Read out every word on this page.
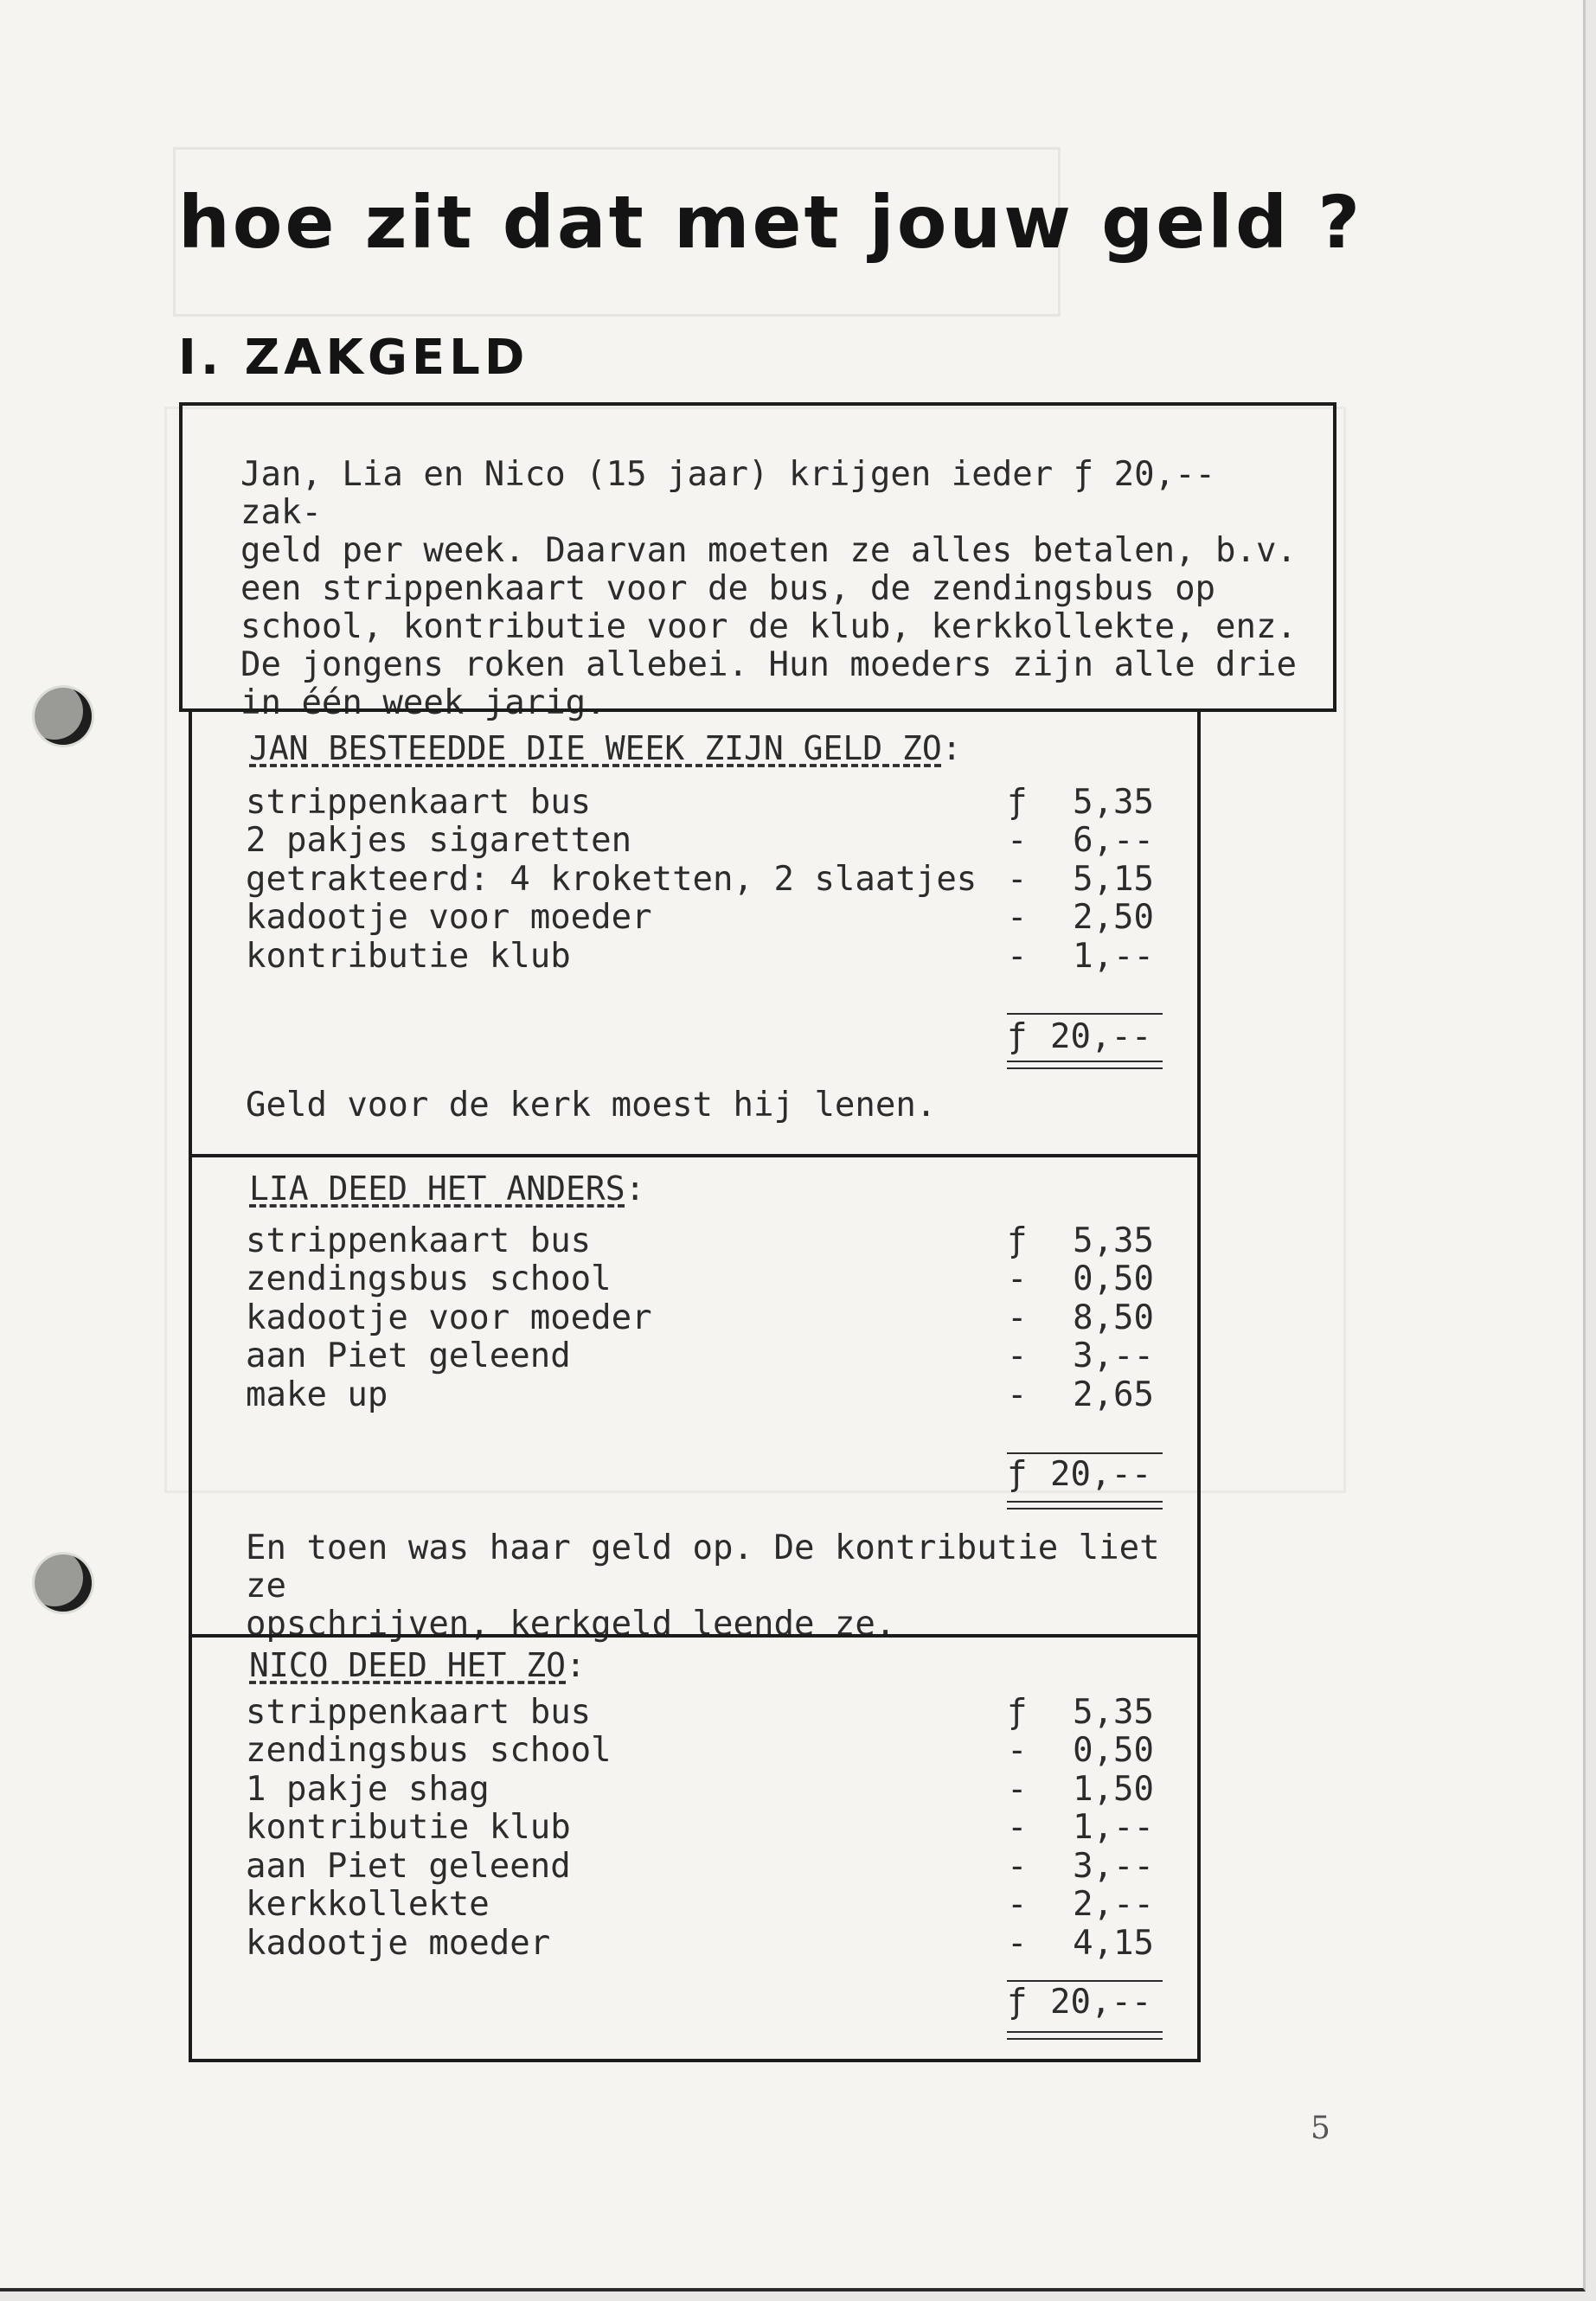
hoe zit dat met jouw geld ?
I. ZAKGELD
Jan, Lia en Nico (15 jaar) krijgen ieder ƒ 20,-- zak-
geld per week. Daarvan moeten ze alles betalen, b.v.
een strippenkaart voor de bus, de zendingsbus op
school, kontributie voor de klub, kerkkollekte, enz.
De jongens roken allebei. Hun moeders zijn alle drie
in één week jarig.
JAN BESTEEDDE DIE WEEK ZIJN GELD ZO:
strippenkaart bus	ƒ	5,35
2 pakjes sigaretten	-	6,--
getrakteerd: 4 kroketten, 2 slaatjes -	5,15
kadootje voor moeder	-	2,50
kontributie klub	-	1,--
ƒ 20,--
Geld voor de kerk moest hij lenen.
LIA DEED HET ANDERS:
strippenkaart bus	ƒ	5,35
zendingsbus school	-	0,50
kadootje voor moeder	-	8,50
aan Piet geleend	-	3,--
make up	-	2,65
ƒ 20,--
En toen was haar geld op. De kontributie liet ze
opschrijven, kerkgeld leende ze.
NICO DEED HET ZO:
strippenkaart bus	ƒ	5,35
zendingsbus school	-	0,50
1 pakje shag	-	1,50
kontributie klub	-	1,--
aan Piet geleend	-	3,--
kerkkollekte	-	2,--
kadootje moeder	-	4,15
ƒ 20,--
5
